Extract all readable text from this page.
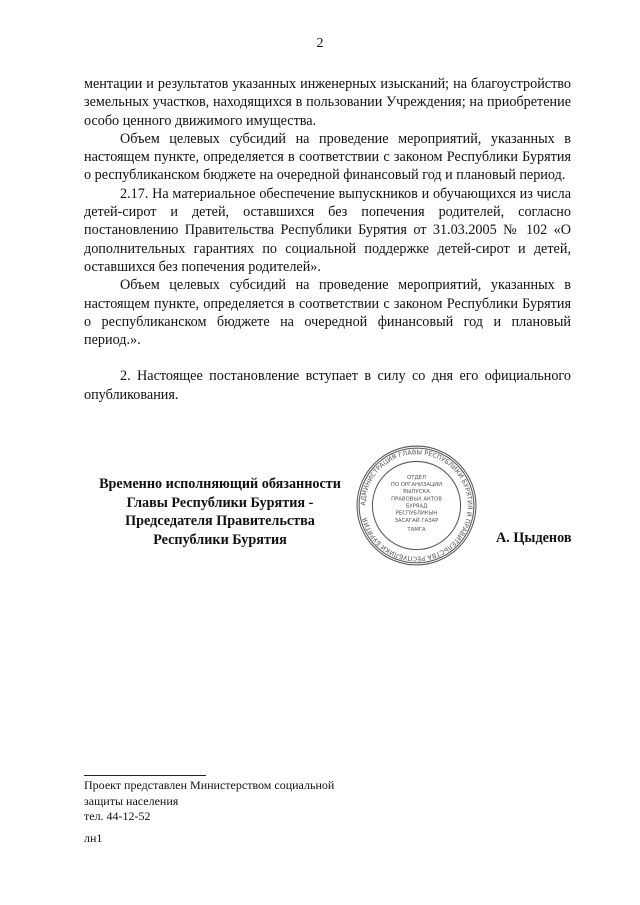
2

ментации и результатов указанных инженерных изысканий; на благоустройство земельных участков, находящихся в пользовании Учреждения; на приобретение особо ценного движимого имущества.

Объем целевых субсидий на проведение мероприятий, указанных в настоящем пункте, определяется в соответствии с законом Республики Бурятия о республиканском бюджете на очередной финансовый год и плановый период.

2.17. На материальное обеспечение выпускников и обучающихся из числа детей-сирот и детей, оставшихся без попечения родителей, согласно постановлению Правительства Республики Бурятия от 31.03.2005 № 102 «О дополнительных гарантиях по социальной поддержке детей-сирот и детей, оставшихся без попечения родителей».

Объем целевых субсидий на проведение мероприятий, указанных в настоящем пункте, определяется в соответствии с законом Республики Бурятия о республиканском бюджете на очередной финансовый год и плановый период.».

2. Настоящее постановление вступает в силу со дня его официального опубликования.

Временно исполняющий обязанности
Главы Республики Бурятия -
Председателя Правительства
Республики Бурятия
АДМИНИСТРАЦИЯ ГЛАВЫ РЕСПУБЛИКИ БУРЯТИЯ И ПРАВИТЕЛЬСТВА РЕСПУБЛИКИ БУРЯТИЯ
ОТДЕЛ
ПО ОРГАНИЗАЦИИ
ВЫПУСКА
ПРАВОВЫХ АКТОВ
БУРЯАД
РЕСПУБЛИКЫН
ЗАСАГАЙ ГАЗАР
ТАМГА	А. Цыденов
Проект представлен Министерством социальной
защиты населения
тел. 44-12-52
лн1
